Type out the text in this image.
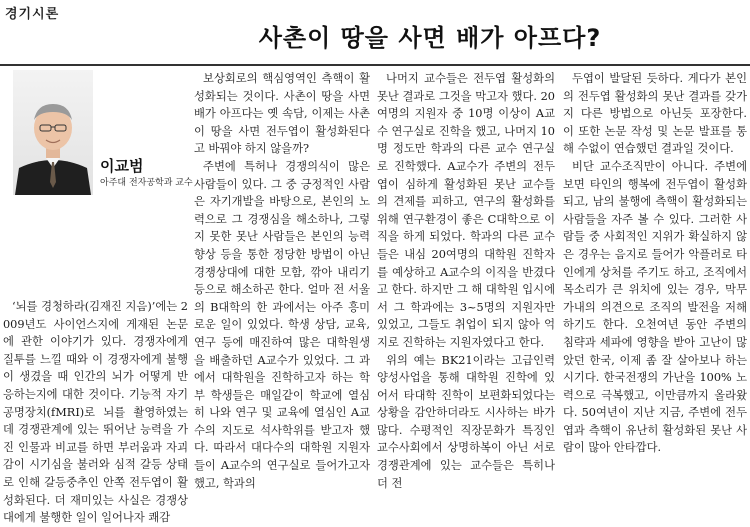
경기시론
사촌이 땅을 사면 배가 아프다?
이교범
아주대 전자공학과 교수

‘뇌를 경청하라(김재진 지음)’에는 2009년도 사이언스지에 게재된 논문에 관한 이야기가 있다. 경쟁자에게 질투를 느낄 때와 이 경쟁자에게 불행이 생겼을 때 인간의 뇌가 어떻게 반응하는지에 대한 것이다. 기능적 자기공명장치(fMRI)로 뇌를 촬영하였는데 경쟁관계에 있는 뛰어난 능력을 가진 인물과 비교를 하면 부러움과 자괴감이 시기심을 불러와 심적 갈등 상태로 인해 갈등중추인 안쪽 전두엽이 활성화된다. 더 재미있는 사실은 경쟁상대에게 불행한 일이 일어나자 쾌감

보상회로의 핵심영역인 측핵이 활성화되는 것이다. 사촌이 땅을 사면 배가 아프다는 옛 속담, 이제는 사촌이 땅을 사면 전두엽이 활성화된다고 바꿔야 하지 않을까?

주변에 특허나 경쟁의식이 많은 사람들이 있다. 그 중 긍정적인 사람은 자기개발을 바탕으로, 본인의 노력으로 그 경쟁심을 해소하나, 그렇지 못한 못난 사람들은 본인의 능력향상 등을 통한 정당한 방법이 아닌 경쟁상대에 대한 모함, 깎아 내리기 등으로 해소하곤 한다. 얼마 전 서울의 B대학의 한 과에서는 아주 흥미로운 일이 있었다. 학생 상담, 교육, 연구 등에 매진하여 많은 대학원생을 배출하던 A교수가 있었다. 그 과에서 대학원을 진학하고자 하는 학부 학생들은 매일같이 학교에 열심히 나와 연구 및 교육에 열심인 A교수의 지도로 석사학위를 받고자 했다. 따라서 대다수의 대학원 지원자들이 A교수의 연구실로 들어가고자 했고, 학과의

나머지 교수들은 전두엽 활성화의 못난 결과로 그것을 막고자 했다. 20여명의 지원자 중 10명 이상이 A교수 연구실로 진학을 했고, 나머지 10명 정도만 학과의 다른 교수 연구실로 진학했다. A교수가 주변의 전두엽이 심하게 활성화된 못난 교수들의 견제를 피하고, 연구의 활성화를 위해 연구환경이 좋은 C대학으로 이직을 하게 되었다. 학과의 다른 교수들은 내심 20여명의 대학원 진학자를 예상하고 A교수의 이직을 반겼다고 한다. 하지만 그 해 대학원 입시에서 그 학과에는 3~5명의 지원자만 있었고, 그들도 취업이 되지 않아 억지로 진학하는 지원자였다고 한다.

위의 예는 BK21이라는 고급인력 양성사업을 통해 대학원 진학에 있어서 타대학 진학이 보편화되었다는 상황을 감안하더라도 시사하는 바가 많다. 수평적인 직장문화가 특징인 교수사회에서 상명하복이 아닌 서로 경쟁관계에 있는 교수들은 특히나 더 전

두엽이 발달된 듯하다. 게다가 본인의 전두엽 활성화의 못난 결과를 갖가지 다른 방법으로 아닌듯 포장한다. 이 또한 논문 작성 및 논문 발표를 통해 수없이 연습했던 결과일 것이다.

비단 교수조직만이 아니다. 주변에 보면 타인의 행복에 전두엽이 활성화 되고, 남의 불행에 측핵이 활성화되는 사람들을 자주 볼 수 있다. 그러한 사람들 중 사회적인 지위가 확실하지 않은 경우는 음지로 들어가 악플러로 타인에게 상처를 주기도 하고, 조직에서 목소리가 큰 위치에 있는 경우, 막무가내의 의견으로 조직의 발전을 저해하기도 한다. 오천여년 동안 주변의 침략과 세파에 영향을 받아 고난이 많았던 한국, 이제 좀 잘 살아보나 하는 시기다. 한국전쟁의 가난을 100% 노력으로 극복했고, 이만큼까지 올라왔다. 50여년이 지난 지금, 주변에 전두엽과 측핵이 유난히 활성화된 못난 사람이 많아 안타깝다.
